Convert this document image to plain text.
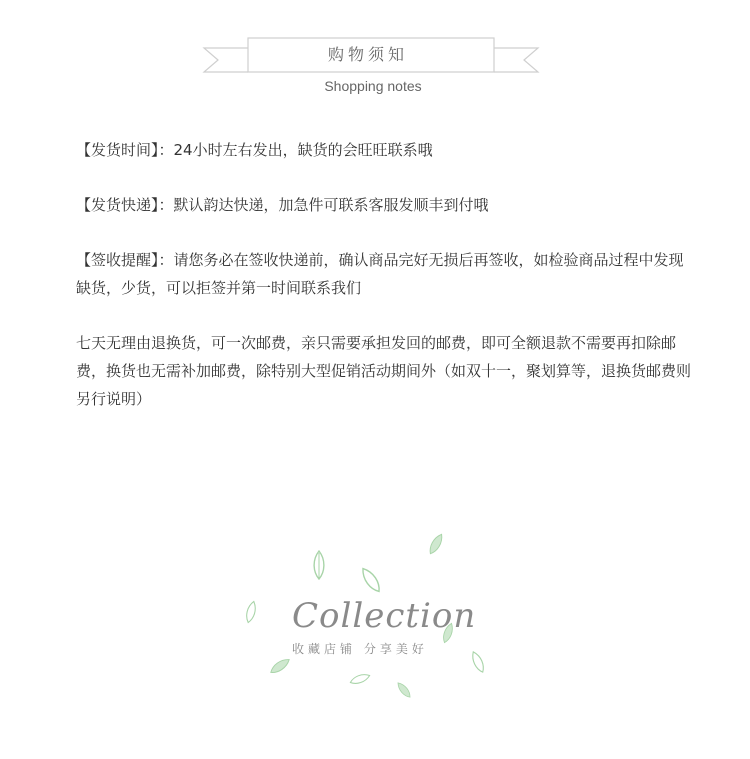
购物须知
Shopping notes

【发货时间】：24小时左右发出，缺货的会旺旺联系哦

【发货快递】：默认韵达快递，加急件可联系客服发顺丰到付哦

【签收提醒】：请您务必在签收快递前，确认商品完好无损后再签收，如检验商品过程中发现缺货，少货，可以拒签并第一时间联系我们

七天无理由退换货，可一次邮费，亲只需要承担发回的邮费，即可全额退款不需要再扣除邮费，换货也无需补加邮费，除特别大型促销活动期间外（如双十一，聚划算等，退换货邮费则另行说明）

Collection
收藏店铺 分享美好
